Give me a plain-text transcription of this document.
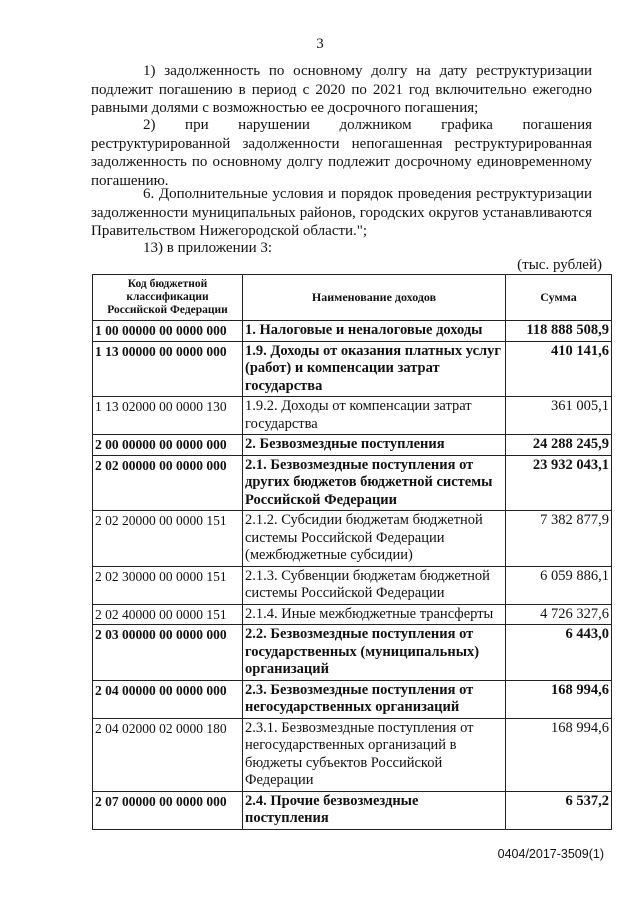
3

1) задолженность по основному долгу на дату реструктуризации подлежит погашению в период с 2020 по 2021 год включительно ежегодно равными долями с возможностью ее досрочного погашения;

2) при нарушении должником графика погашения реструктурированной задолженности непогашенная реструктурированная задолженность по основному долгу подлежит досрочному единовременному погашению.

6. Дополнительные условия и порядок проведения реструктуризации задолженности муниципальных районов, городских округов устанавливаются Правительством Нижегородской области.";

13) в приложении 3:

(тыс. рублей)
Код бюджетной классификации Российской Федерации	Наименование доходов	Сумма
1 00 00000 00 0000 000	1. Налоговые и неналоговые доходы	118 888 508,9
1 13 00000 00 0000 000	1.9. Доходы от оказания платных услуг (работ) и компенсации затрат государства	410 141,6
1 13 02000 00 0000 130	1.9.2. Доходы от компенсации затрат государства	361 005,1
2 00 00000 00 0000 000	2. Безвозмездные поступления	24 288 245,9
2 02 00000 00 0000 000	2.1. Безвозмездные поступления от других бюджетов бюджетной системы Российской Федерации	23 932 043,1
2 02 20000 00 0000 151	2.1.2. Субсидии бюджетам бюджетной системы Российской Федерации (межбюджетные субсидии)	7 382 877,9
2 02 30000 00 0000 151	2.1.3. Субвенции бюджетам бюджетной системы Российской Федерации	6 059 886,1
2 02 40000 00 0000 151	2.1.4. Иные межбюджетные трансферты	4 726 327,6
2 03 00000 00 0000 000	2.2. Безвозмездные поступления от государственных (муниципальных) организаций	6 443,0
2 04 00000 00 0000 000	2.3. Безвозмездные поступления от негосударственных организаций	168 994,6
2 04 02000 02 0000 180	2.3.1. Безвозмездные поступления от негосударственных организаций в бюджеты субъектов Российской Федерации	168 994,6
2 07 00000 00 0000 000	2.4. Прочие безвозмездные поступления	6 537,2
0404/2017-3509(1)
